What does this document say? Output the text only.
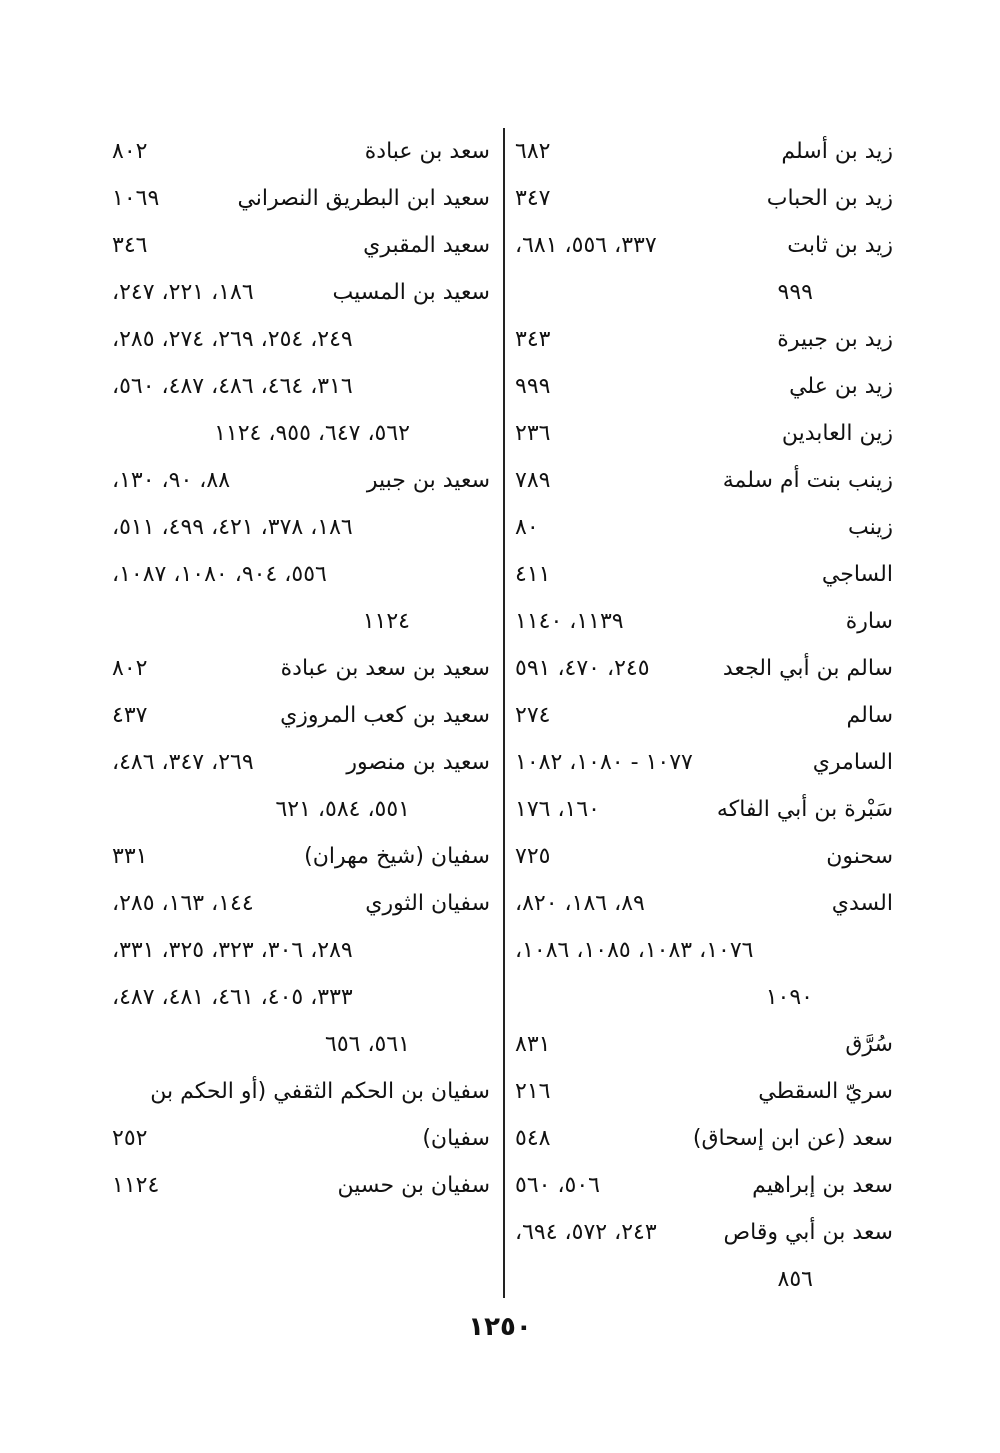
زيد بن أسلم
٦٨٢
زيد بن الحباب
٣٤٧
زيد بن ثابت
٣٣٧، ٥٥٦، ٦٨١،
٩٩٩
زيد بن جبيرة
٣٤٣
زيد بن علي
٩٩٩
زين العابدين
٢٣٦
زينب بنت أم سلمة
٧٨٩
زينب
٨٠
الساجي
٤١١
سارة
١١٣٩، ١١٤٠
سالم بن أبي الجعد
٢٤٥، ٤٧٠، ٥٩١
سالم
٢٧٤
السامري
١٠٧٧ - ١٠٨٠، ١٠٨٢
سَبْرة بن أبي الفاكه
١٦٠، ١٧٦
سحنون
٧٢٥
السدي
٨٩، ١٨٦، ٨٢٠،
١٠٧٦، ١٠٨٣، ١٠٨٥، ١٠٨٦،
١٠٩٠
سُرَّق
٨٣١
سريّ السقطي
٢١٦
سعد (عن ابن إسحاق)
٥٤٨
سعد بن إبراهيم
٥٠٦، ٥٦٠
سعد بن أبي وقاص
٢٤٣، ٥٧٢، ٦٩٤،
٨٥٦
سعد بن عبادة
٨٠٢
سعيد ابن البطريق النصراني
١٠٦٩
سعيد المقبري
٣٤٦
سعيد بن المسيب
١٨٦، ٢٢١، ٢٤٧،
٢٤٩، ٢٥٤، ٢٦٩، ٢٧٤، ٢٨٥،
٣١٦، ٤٦٤، ٤٨٦، ٤٨٧، ٥٦٠،
٥٦٢، ٦٤٧، ٩٥٥، ١١٢٤
سعيد بن جبير
٨٨، ٩٠، ١٣٠،
١٨٦، ٣٧٨، ٤٢١، ٤٩٩، ٥١١،
٥٥٦، ٩٠٤، ١٠٨٠، ١٠٨٧،
١١٢٤
سعيد بن سعد بن عبادة
٨٠٢
سعيد بن كعب المروزي
٤٣٧
سعيد بن منصور
٢٦٩، ٣٤٧، ٤٨٦،
٥٥١، ٥٨٤، ٦٢١
سفيان (شيخ مهران)
٣٣١
سفيان الثوري
١٤٤، ١٦٣، ٢٨٥،
٢٨٩، ٣٠٦، ٣٢٣، ٣٢٥، ٣٣١،
٣٣٣، ٤٠٥، ٤٦١، ٤٨١، ٤٨٧،
٥٦١، ٦٥٦
سفيان بن الحكم الثقفي (أو الحكم بن
سفيان)
٢٥٢
سفيان بن حسين
١١٢٤
١٢٥٠
